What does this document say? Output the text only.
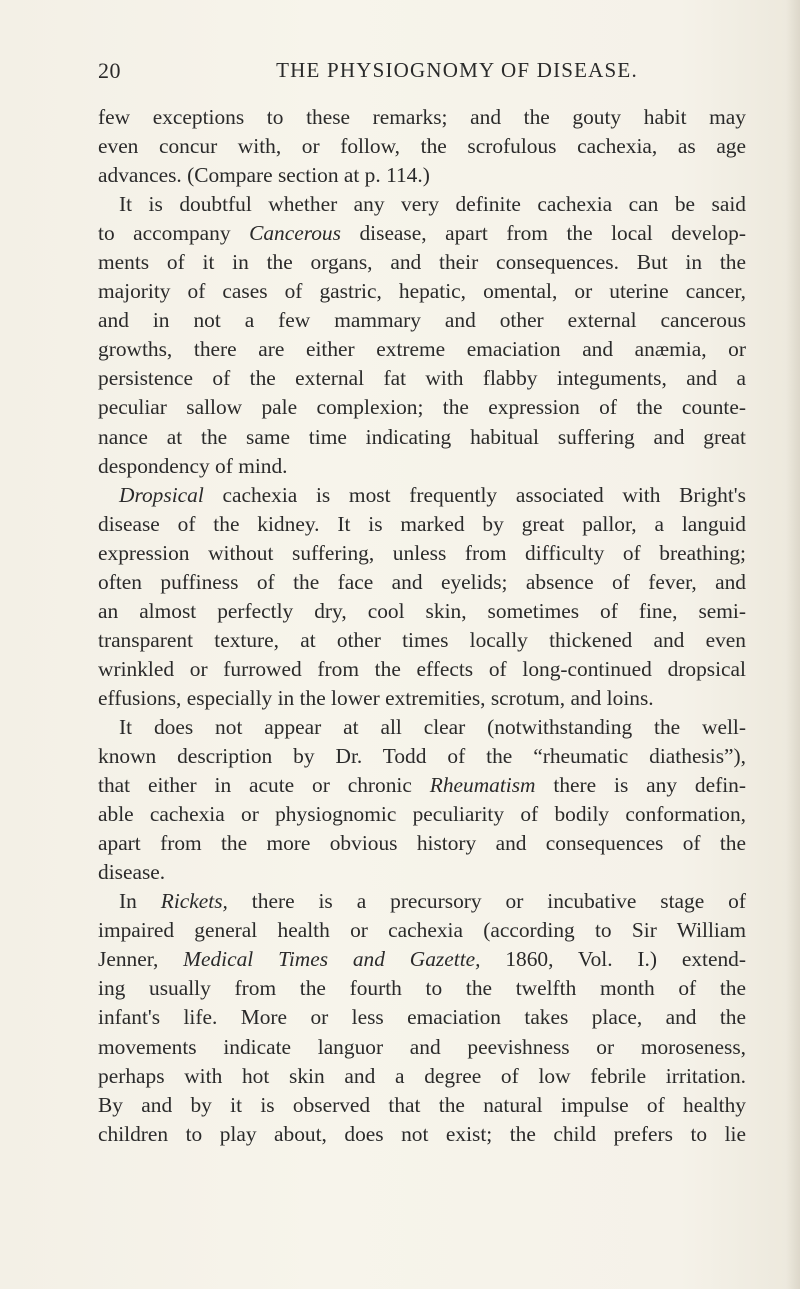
20	THE PHYSIOGNOMY OF DISEASE.
few exceptions to these remarks; and the gouty habit may
even concur with, or follow, the scrofulous cachexia, as age
advances. (Compare section at p. 114.)
It is doubtful whether any very definite cachexia can be said
to accompany Cancerous disease, apart from the local develop-
ments of it in the organs, and their consequences. But in the
majority of cases of gastric, hepatic, omental, or uterine cancer,
and in not a few mammary and other external cancerous
growths, there are either extreme emaciation and anæmia, or
persistence of the external fat with flabby integuments, and a
peculiar sallow pale complexion; the expression of the counte-
nance at the same time indicating habitual suffering and great
despondency of mind.
Dropsical cachexia is most frequently associated with Bright's
disease of the kidney. It is marked by great pallor, a languid
expression without suffering, unless from difficulty of breathing;
often puffiness of the face and eyelids; absence of fever, and
an almost perfectly dry, cool skin, sometimes of fine, semi-
transparent texture, at other times locally thickened and even
wrinkled or furrowed from the effects of long-continued dropsical
effusions, especially in the lower extremities, scrotum, and loins.
It does not appear at all clear (notwithstanding the well-
known description by Dr. Todd of the “rheumatic diathesis”),
that either in acute or chronic Rheumatism there is any defin-
able cachexia or physiognomic peculiarity of bodily conformation,
apart from the more obvious history and consequences of the
disease.
In Rickets, there is a precursory or incubative stage of
impaired general health or cachexia (according to Sir William
Jenner, Medical Times and Gazette, 1860, Vol. I.) extend-
ing usually from the fourth to the twelfth month of the
infant's life. More or less emaciation takes place, and the
movements indicate languor and peevishness or moroseness,
perhaps with hot skin and a degree of low febrile irritation.
By and by it is observed that the natural impulse of healthy
children to play about, does not exist; the child prefers to lie
